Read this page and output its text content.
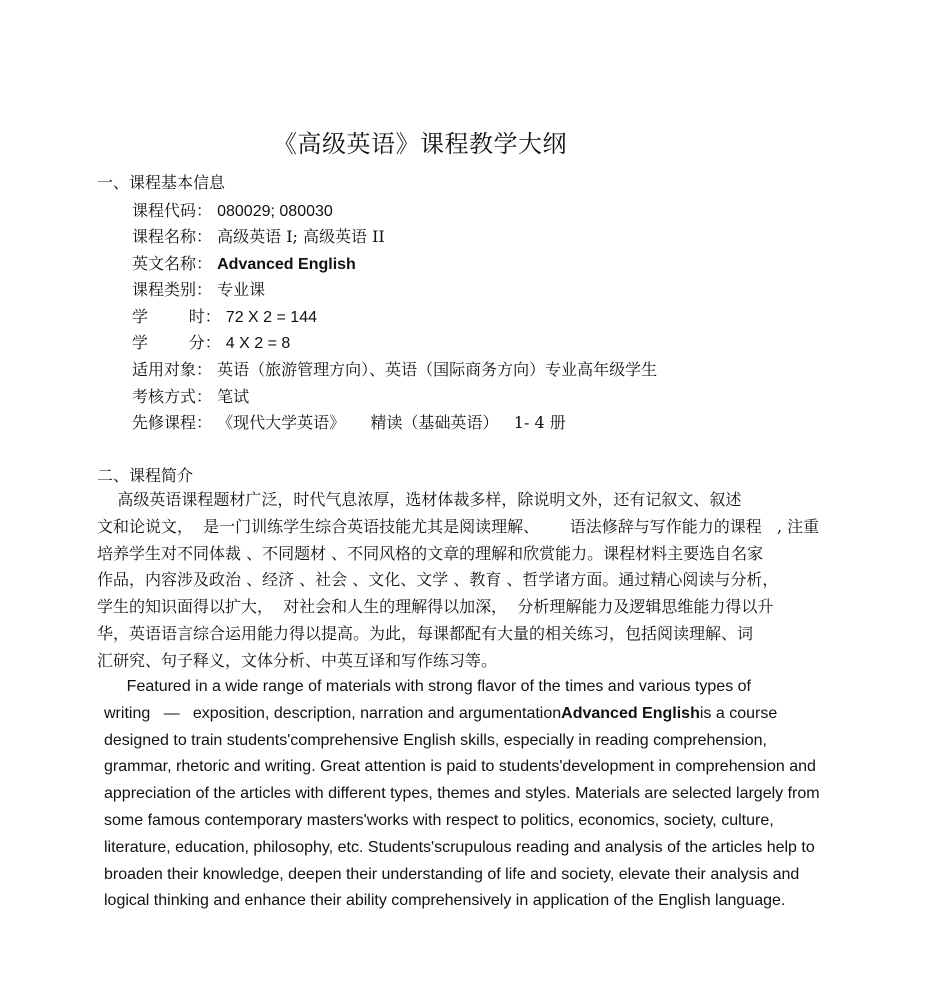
《高级英语》课程教学大纲
一、课程基本信息
课程代码： 080029; 080030
课程名称： 高级英语 I; 高级英语 II
英文名称： Advanced English
课程类别： 专业课
学        时： 72 X 2 = 144
学        分： 4 X 2 = 8
适用对象： 英语（旅游管理方向）、英语（国际商务方向）专业高年级学生
考核方式： 笔试
先修课程： 《现代大学英语》     精读（基础英语）   1- 4 册
二、课程简介
高级英语课程题材广泛，时代气息浓厚，选材体裁多样，除说明文外，还有记叙文、叙述
文和论说文，  是一门训练学生综合英语技能尤其是阅读理解、      语法修辞与写作能力的课程   , 注重
培养学生对不同体裁 、不同题材 、不同风格的文章的理解和欣赏能力。课程材料主要选自名家
作品，内容涉及政治 、经济 、社会 、文化、文学 、教育 、哲学诸方面。通过精心阅读与分析，
学生的知识面得以扩大，  对社会和人生的理解得以加深，  分析理解能力及逻辑思维能力得以升
华，英语语言综合运用能力得以提高。为此，每课都配有大量的相关练习，包括阅读理解、词
汇研究、句子释义，文体分析、中英互译和写作练习等。
Featured in a wide range of materials with strong flavor of the times and various types of
writing   —   exposition, description, narration and argumentationAdvanced Englishis a course
designed to train students'comprehensive English skills, especially in reading comprehension,
grammar, rhetoric and writing. Great attention is paid to students'development in comprehension and
appreciation of the articles with different types, themes and styles. Materials are selected largely from
some famous contemporary masters'works with respect to politics, economics, society, culture,
literature, education, philosophy, etc. Students'scrupulous reading and analysis of the articles help to
broaden their knowledge, deepen their understanding of life and society, elevate their analysis and
logical thinking and enhance their ability comprehensively in application of the English language.
